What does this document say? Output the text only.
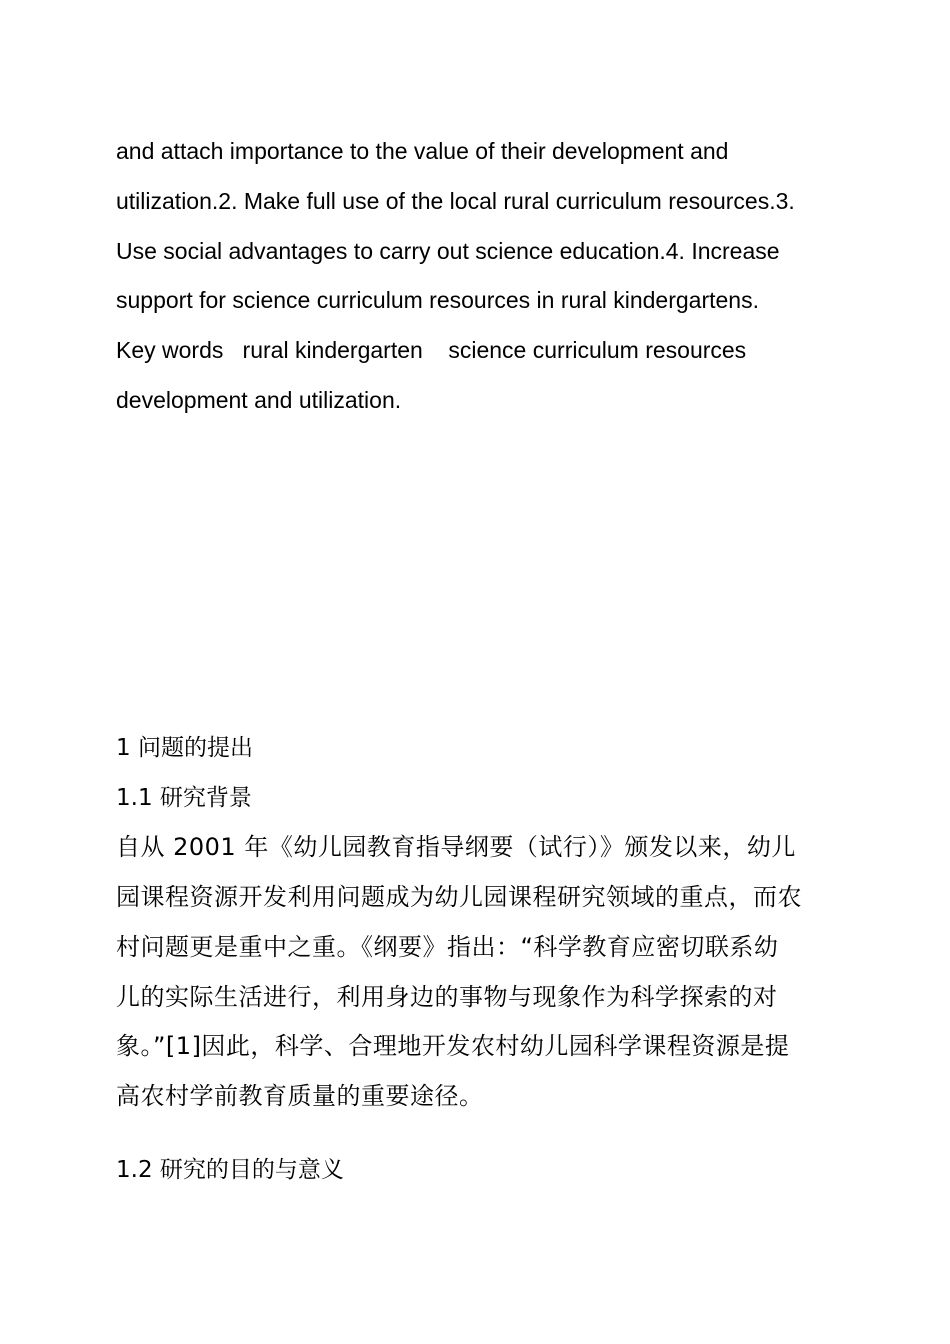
and attach importance to the value of their development and
utilization.2. Make full use of the local rural curriculum resources.3.
Use social advantages to carry out science education.4. Increase
support for science curriculum resources in rural kindergartens.
Key words   rural kindergarten    science curriculum resources
development and utilization.
1 问题的提出
1.1 研究背景
自从 2001 年《幼儿园教育指导纲要（试行）》颁发以来，幼儿
园课程资源开发利用问题成为幼儿园课程研究领域的重点，而农
村问题更是重中之重。《纲要》指出：“科学教育应密切联系幼
儿的实际生活进行，利用身边的事物与现象作为科学探索的对
象。”[1]因此，科学、合理地开发农村幼儿园科学课程资源是提
高农村学前教育质量的重要途径。
1.2 研究的目的与意义
